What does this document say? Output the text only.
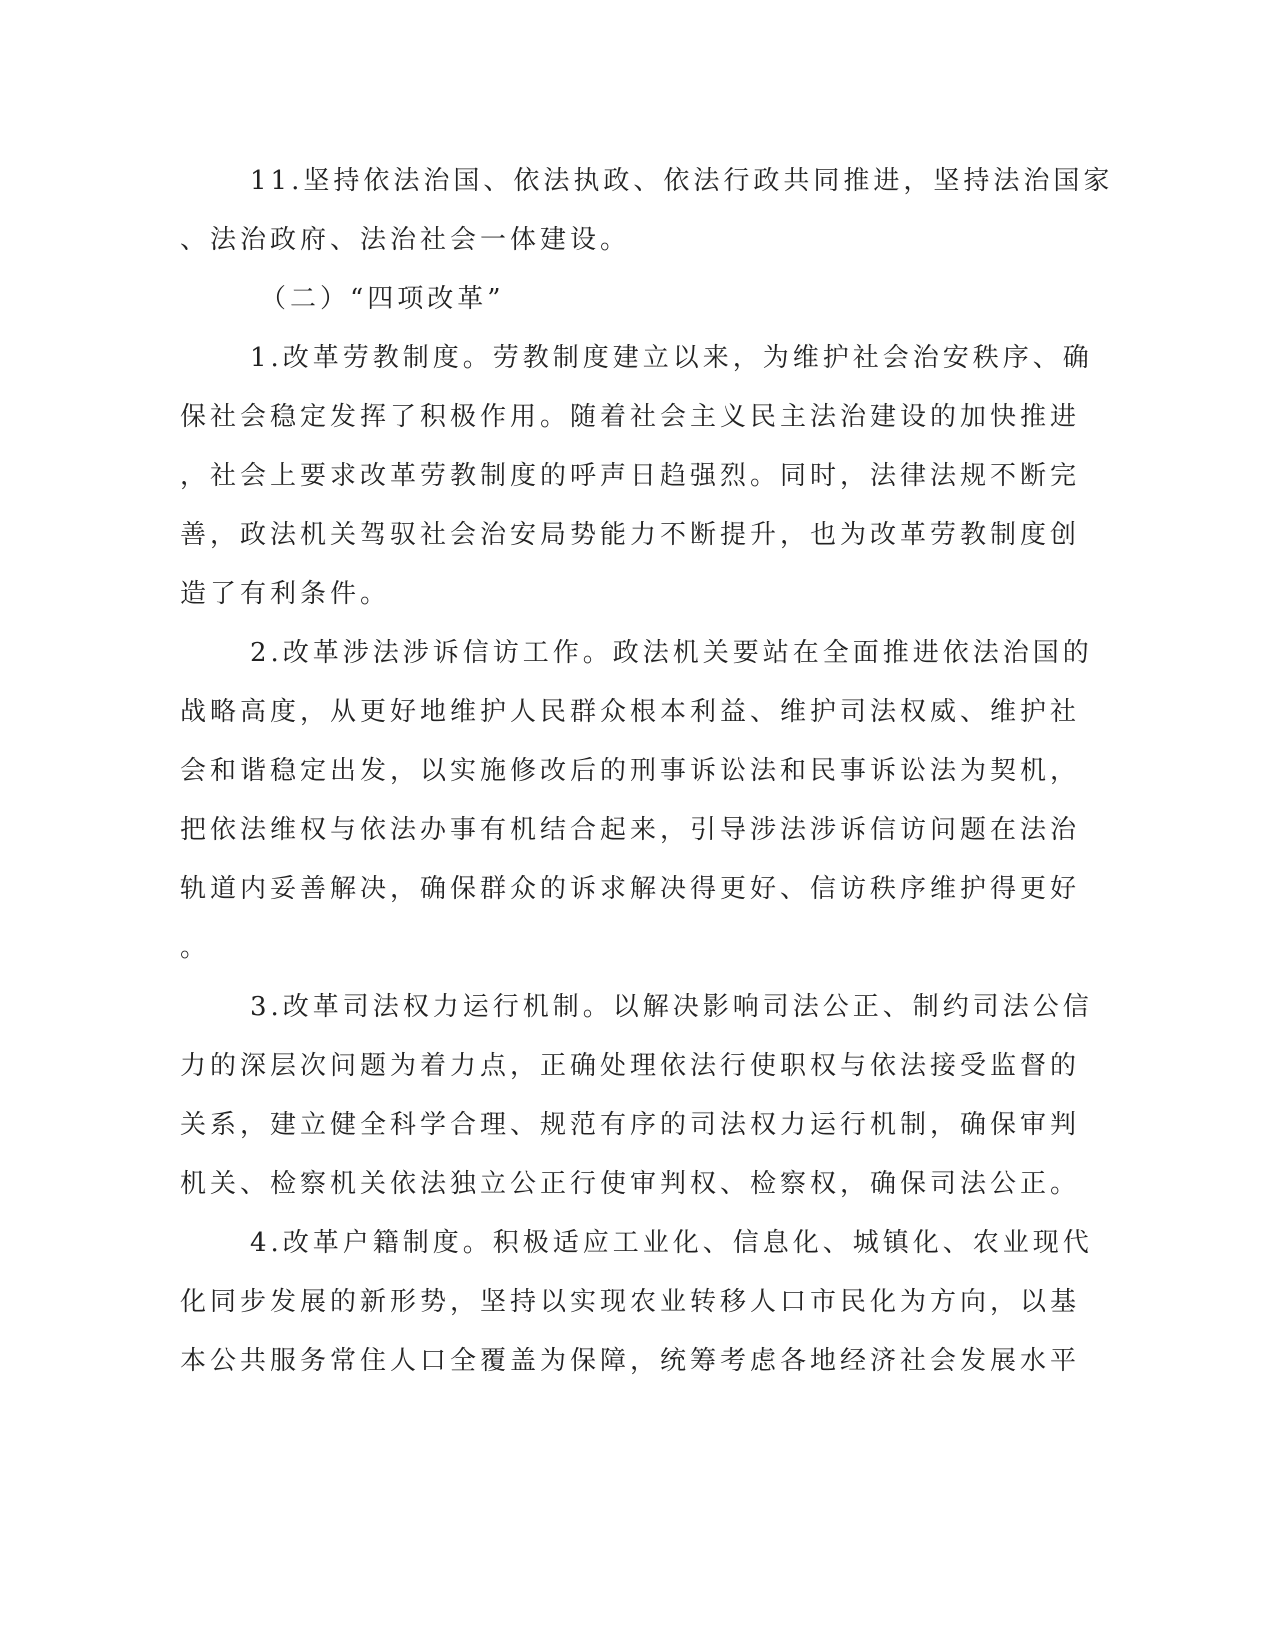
11.坚持依法治国、依法执政、依法行政共同推进，坚持法治国家
、法治政府、法治社会一体建设。
（二）“四项改革”
1.改革劳教制度。劳教制度建立以来，为维护社会治安秩序、确
保社会稳定发挥了积极作用。随着社会主义民主法治建设的加快推进
，社会上要求改革劳教制度的呼声日趋强烈。同时，法律法规不断完
善，政法机关驾驭社会治安局势能力不断提升，也为改革劳教制度创
造了有利条件。
2.改革涉法涉诉信访工作。政法机关要站在全面推进依法治国的
战略高度，从更好地维护人民群众根本利益、维护司法权威、维护社
会和谐稳定出发，以实施修改后的刑事诉讼法和民事诉讼法为契机，
把依法维权与依法办事有机结合起来，引导涉法涉诉信访问题在法治
轨道内妥善解决，确保群众的诉求解决得更好、信访秩序维护得更好
。
3.改革司法权力运行机制。以解决影响司法公正、制约司法公信
力的深层次问题为着力点，正确处理依法行使职权与依法接受监督的
关系，建立健全科学合理、规范有序的司法权力运行机制，确保审判
机关、检察机关依法独立公正行使审判权、检察权，确保司法公正。
4.改革户籍制度。积极适应工业化、信息化、城镇化、农业现代
化同步发展的新形势，坚持以实现农业转移人口市民化为方向，以基
本公共服务常住人口全覆盖为保障，统筹考虑各地经济社会发展水平
